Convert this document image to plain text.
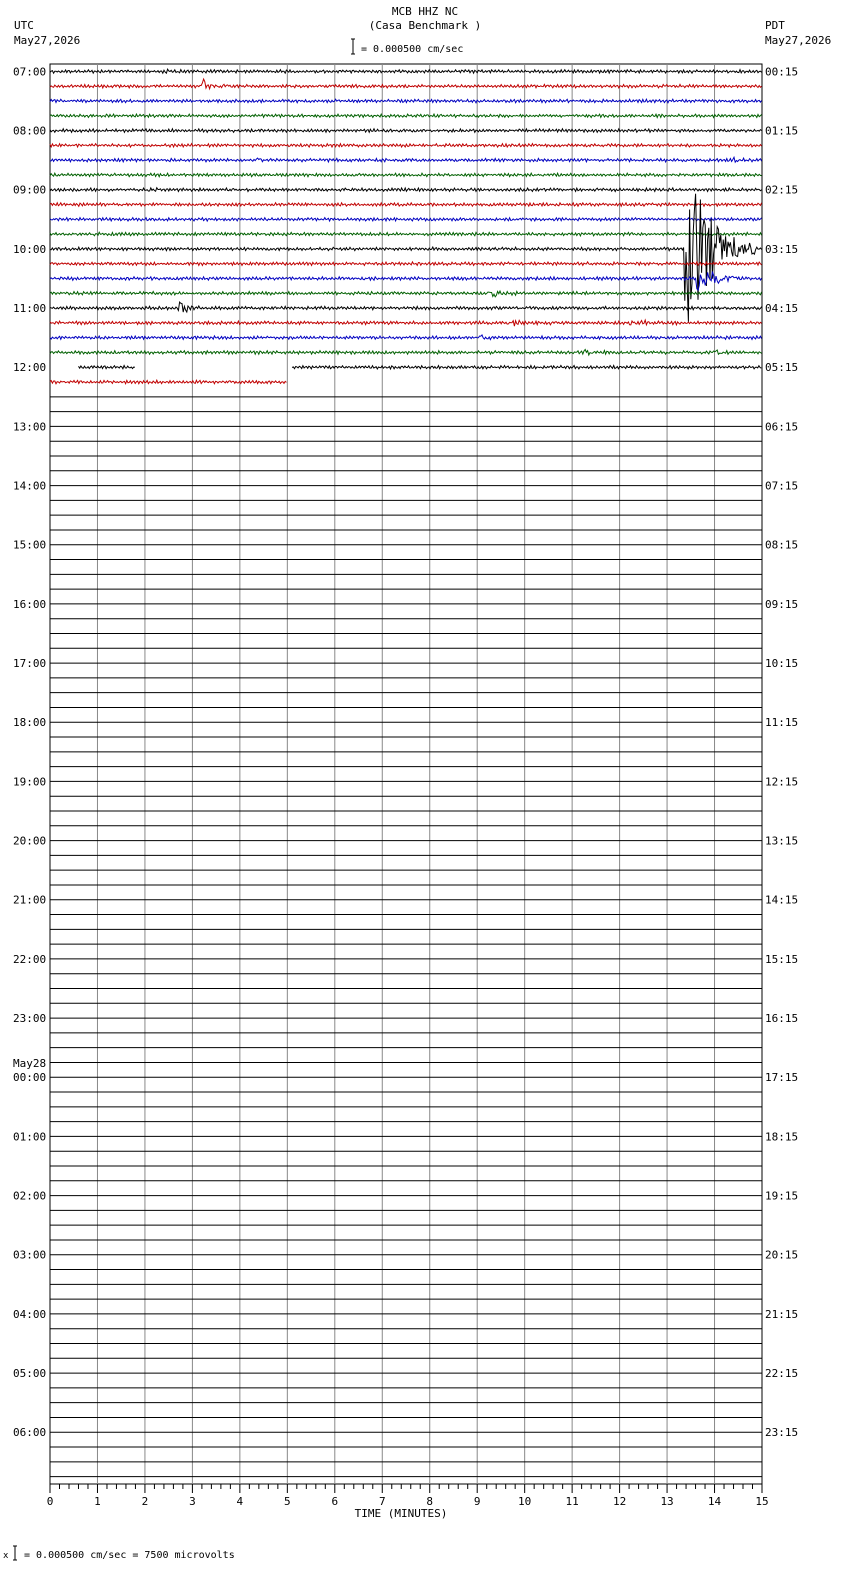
MCB HHZ NC
(Casa Benchmark )
= 0.000500 cm/sec
UTC
May27,2026
PDT
May27,2026
x = 0.000500 cm/sec = 7500 microvolts
0	1	2	3	4	5	6	7	8	9	10	11	12	13	14	15
TIME (MINUTES)
07:00
08:00
09:00
10:00
11:00
12:00
13:00
14:00
15:00
16:00
17:00
18:00
19:00
20:00
21:00
22:00
23:00
00:00
May28
01:00
02:00
03:00
04:00
05:00
06:00
00:15
01:15
02:15
03:15
04:15
05:15
06:15
07:15
08:15
09:15
10:15
11:15
12:15
13:15
14:15
15:15
16:15
17:15
18:15
19:15
20:15
21:15
22:15
23:15
